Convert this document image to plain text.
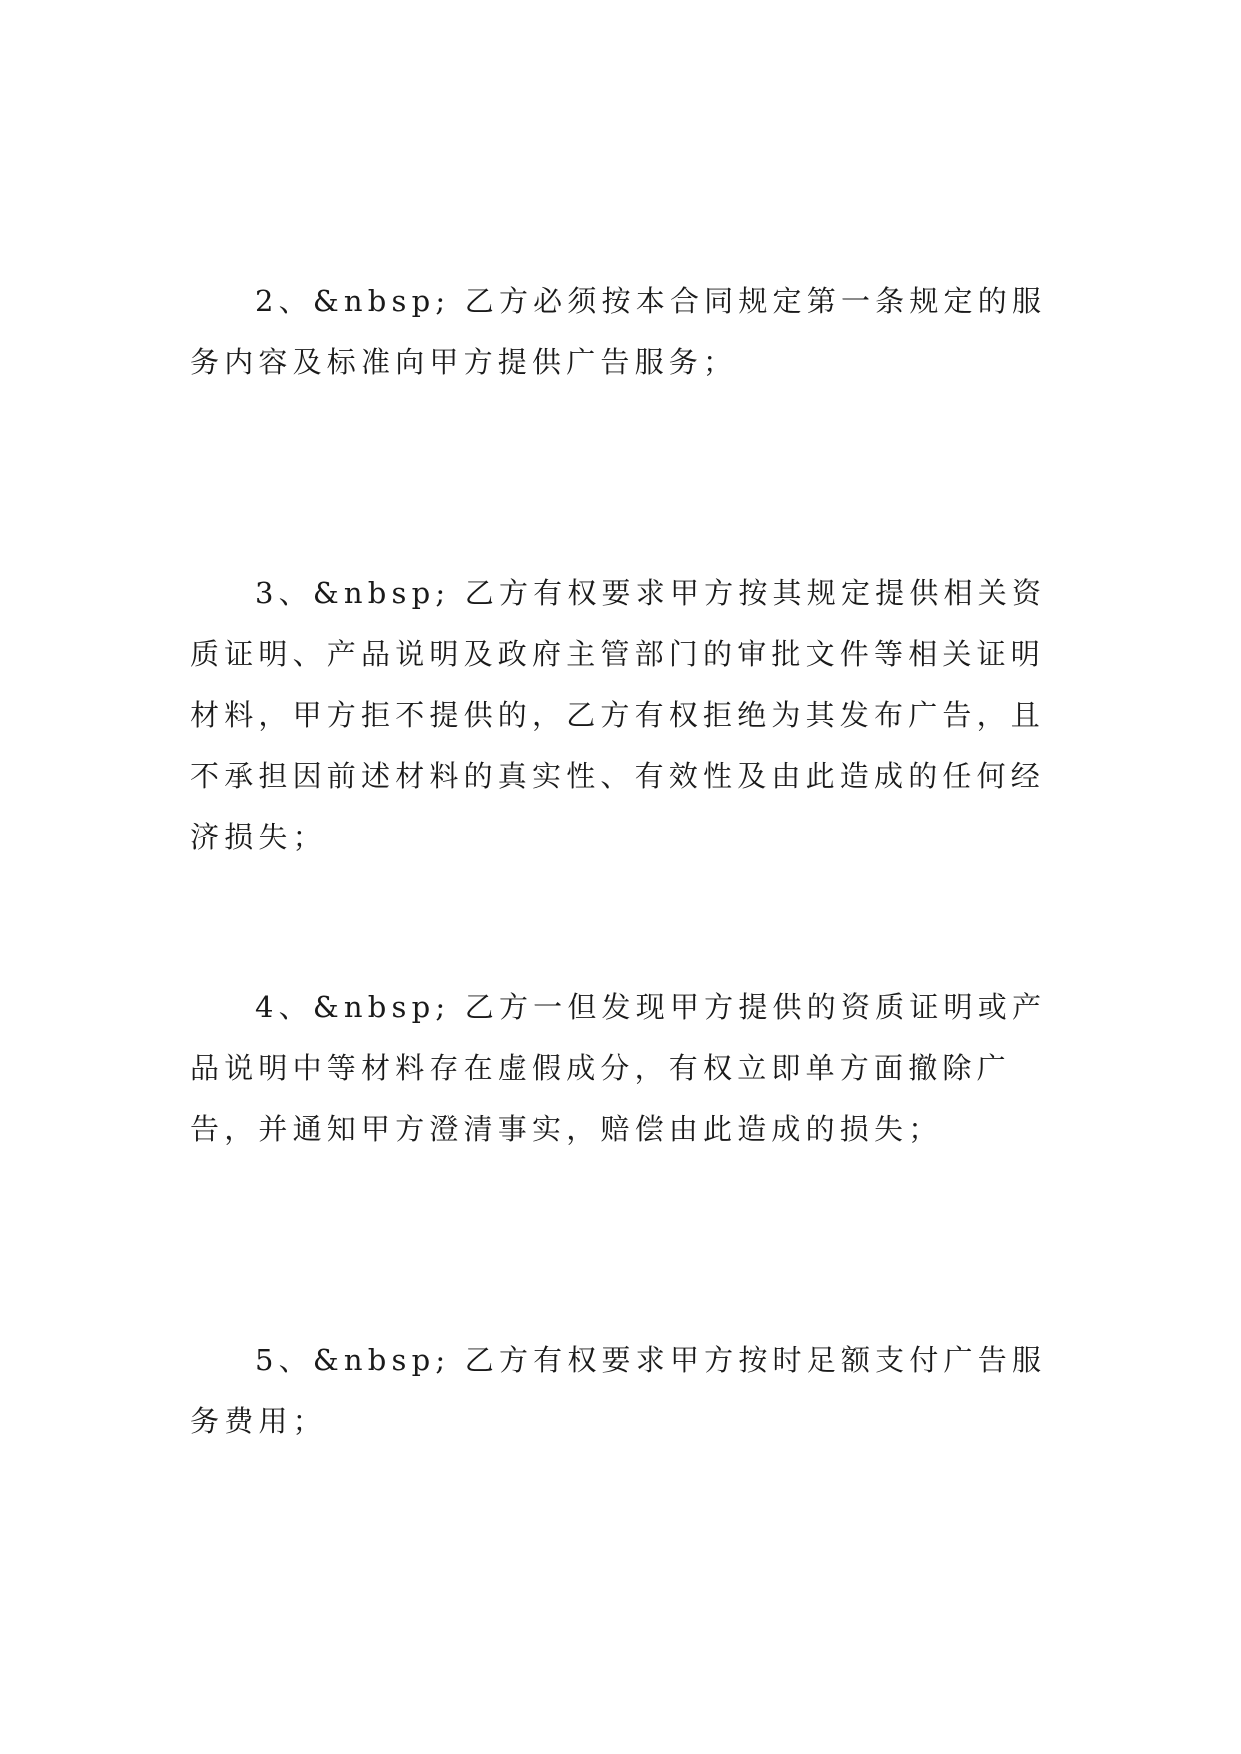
2、&nbsp; 乙方必须按本合同规定第一条规定的服务内容及标准向甲方提供广告服务；

3、&nbsp; 乙方有权要求甲方按其规定提供相关资质证明、产品说明及政府主管部门的审批文件等相关证明材料，甲方拒不提供的，乙方有权拒绝为其发布广告，且不承担因前述材料的真实性、有效性及由此造成的任何经济损失；

4、&nbsp; 乙方一但发现甲方提供的资质证明或产品说明中等材料存在虚假成分，有权立即单方面撤除广告，并通知甲方澄清事实，赔偿由此造成的损失；

5、&nbsp; 乙方有权要求甲方按时足额支付广告服务费用；
